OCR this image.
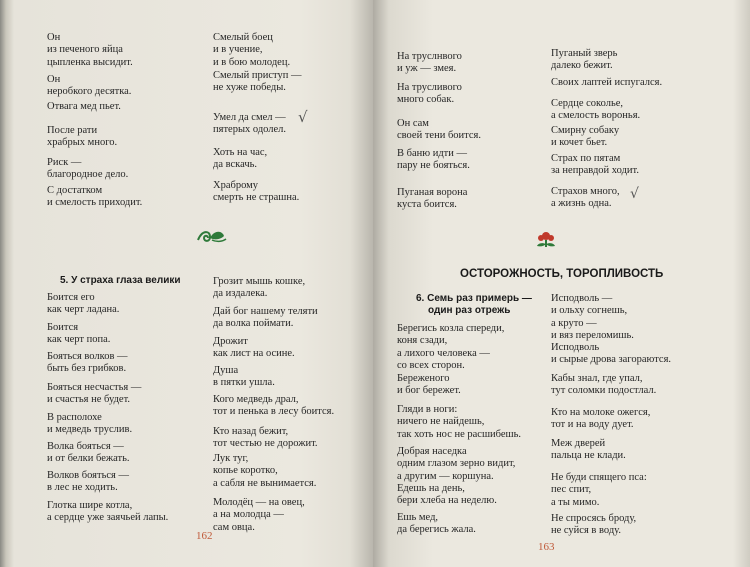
Он
из печеного яйца
цыпленка высидит.
Он
неробкого десятка.
Отвага мед пьет.
После рати
храбрых много.
Риск —
благородное дело.
С достатком
и смелость приходит.
Смелый боец
и в учение,
и в бою молодец.
Смелый приступ —
не хуже победы.
Умел да смел —
пятерых одолел.
Хоть на час,
да вскачь.
Храброму
смерть не страшна.
√
5. У страха глаза велики
Боится его
как черт ладана.
Боится
как черт попа.
Бояться волков —
быть без грибков.
Бояться несчастья —
и счастья не будет.
В располохе
и медведь труслив.
Волка бояться —
и от белки бежать.
Волков бояться —
в лес не ходить.
Глотка шире котла,
а сердце уже заячьей лапы.
Грозит мышь кошке,
да издалека.
Дай бог нашему теляти
да волка поймати.
Дрожит
как лист на осине.
Душа
в пятки ушла.
Кого медведь драл,
тот и пенька в лесу боится.
Кто назад бежит,
тот честью не дорожит.
Лук туг,
копье коротко,
а сабля не вынимается.
Молодёц — на овец,
а на молодца —
сам овца.
162
На труслнвого
и уж — змея.
На трусливого
много собак.
Он сам
своей тени боится.
В баню идти —
пару не бояться.
Пуганая ворона
куста боится.
Пуганый зверь
далеко бежит.
Своих лаптей испугался.
Сердце соколье,
а смелость воронья.
Смирну собаку
и кочет бьет.
Страх по пятам
за неправдой ходит.
Страхов много,
а жизнь одна.
√
ОСТОРОЖНОСТЬ, ТОРОПЛИВОСТЬ
6. Семь раз примерь —
один раз отрежь
Берегись козла спереди,
коня сзади,
а лихого человека —
со всех сторон.
Береженого
и бог бережет.
Гляди в ноги:
ничего не найдешь,
так хоть нос не расшибешь.
Добрая наседка
одним глазом зерно видит,
а другим — коршуна.
Едешь на день,
бери хлеба на неделю.
Ешь мед,
да берегись жала.
Исподволь —
и ольху согнешь,
а круто —
и вяз переломишь.
Исподволь
и сырые дрова загораются.
Кабы знал, где упал,
тут соломки подостлал.
Кто на молоке ожегся,
тот и на воду дует.
Меж дверей
пальца не клади.
Не буди спящего пса:
пес спит,
а ты мимо.
Не спросясь броду,
не суйся в воду.
163
